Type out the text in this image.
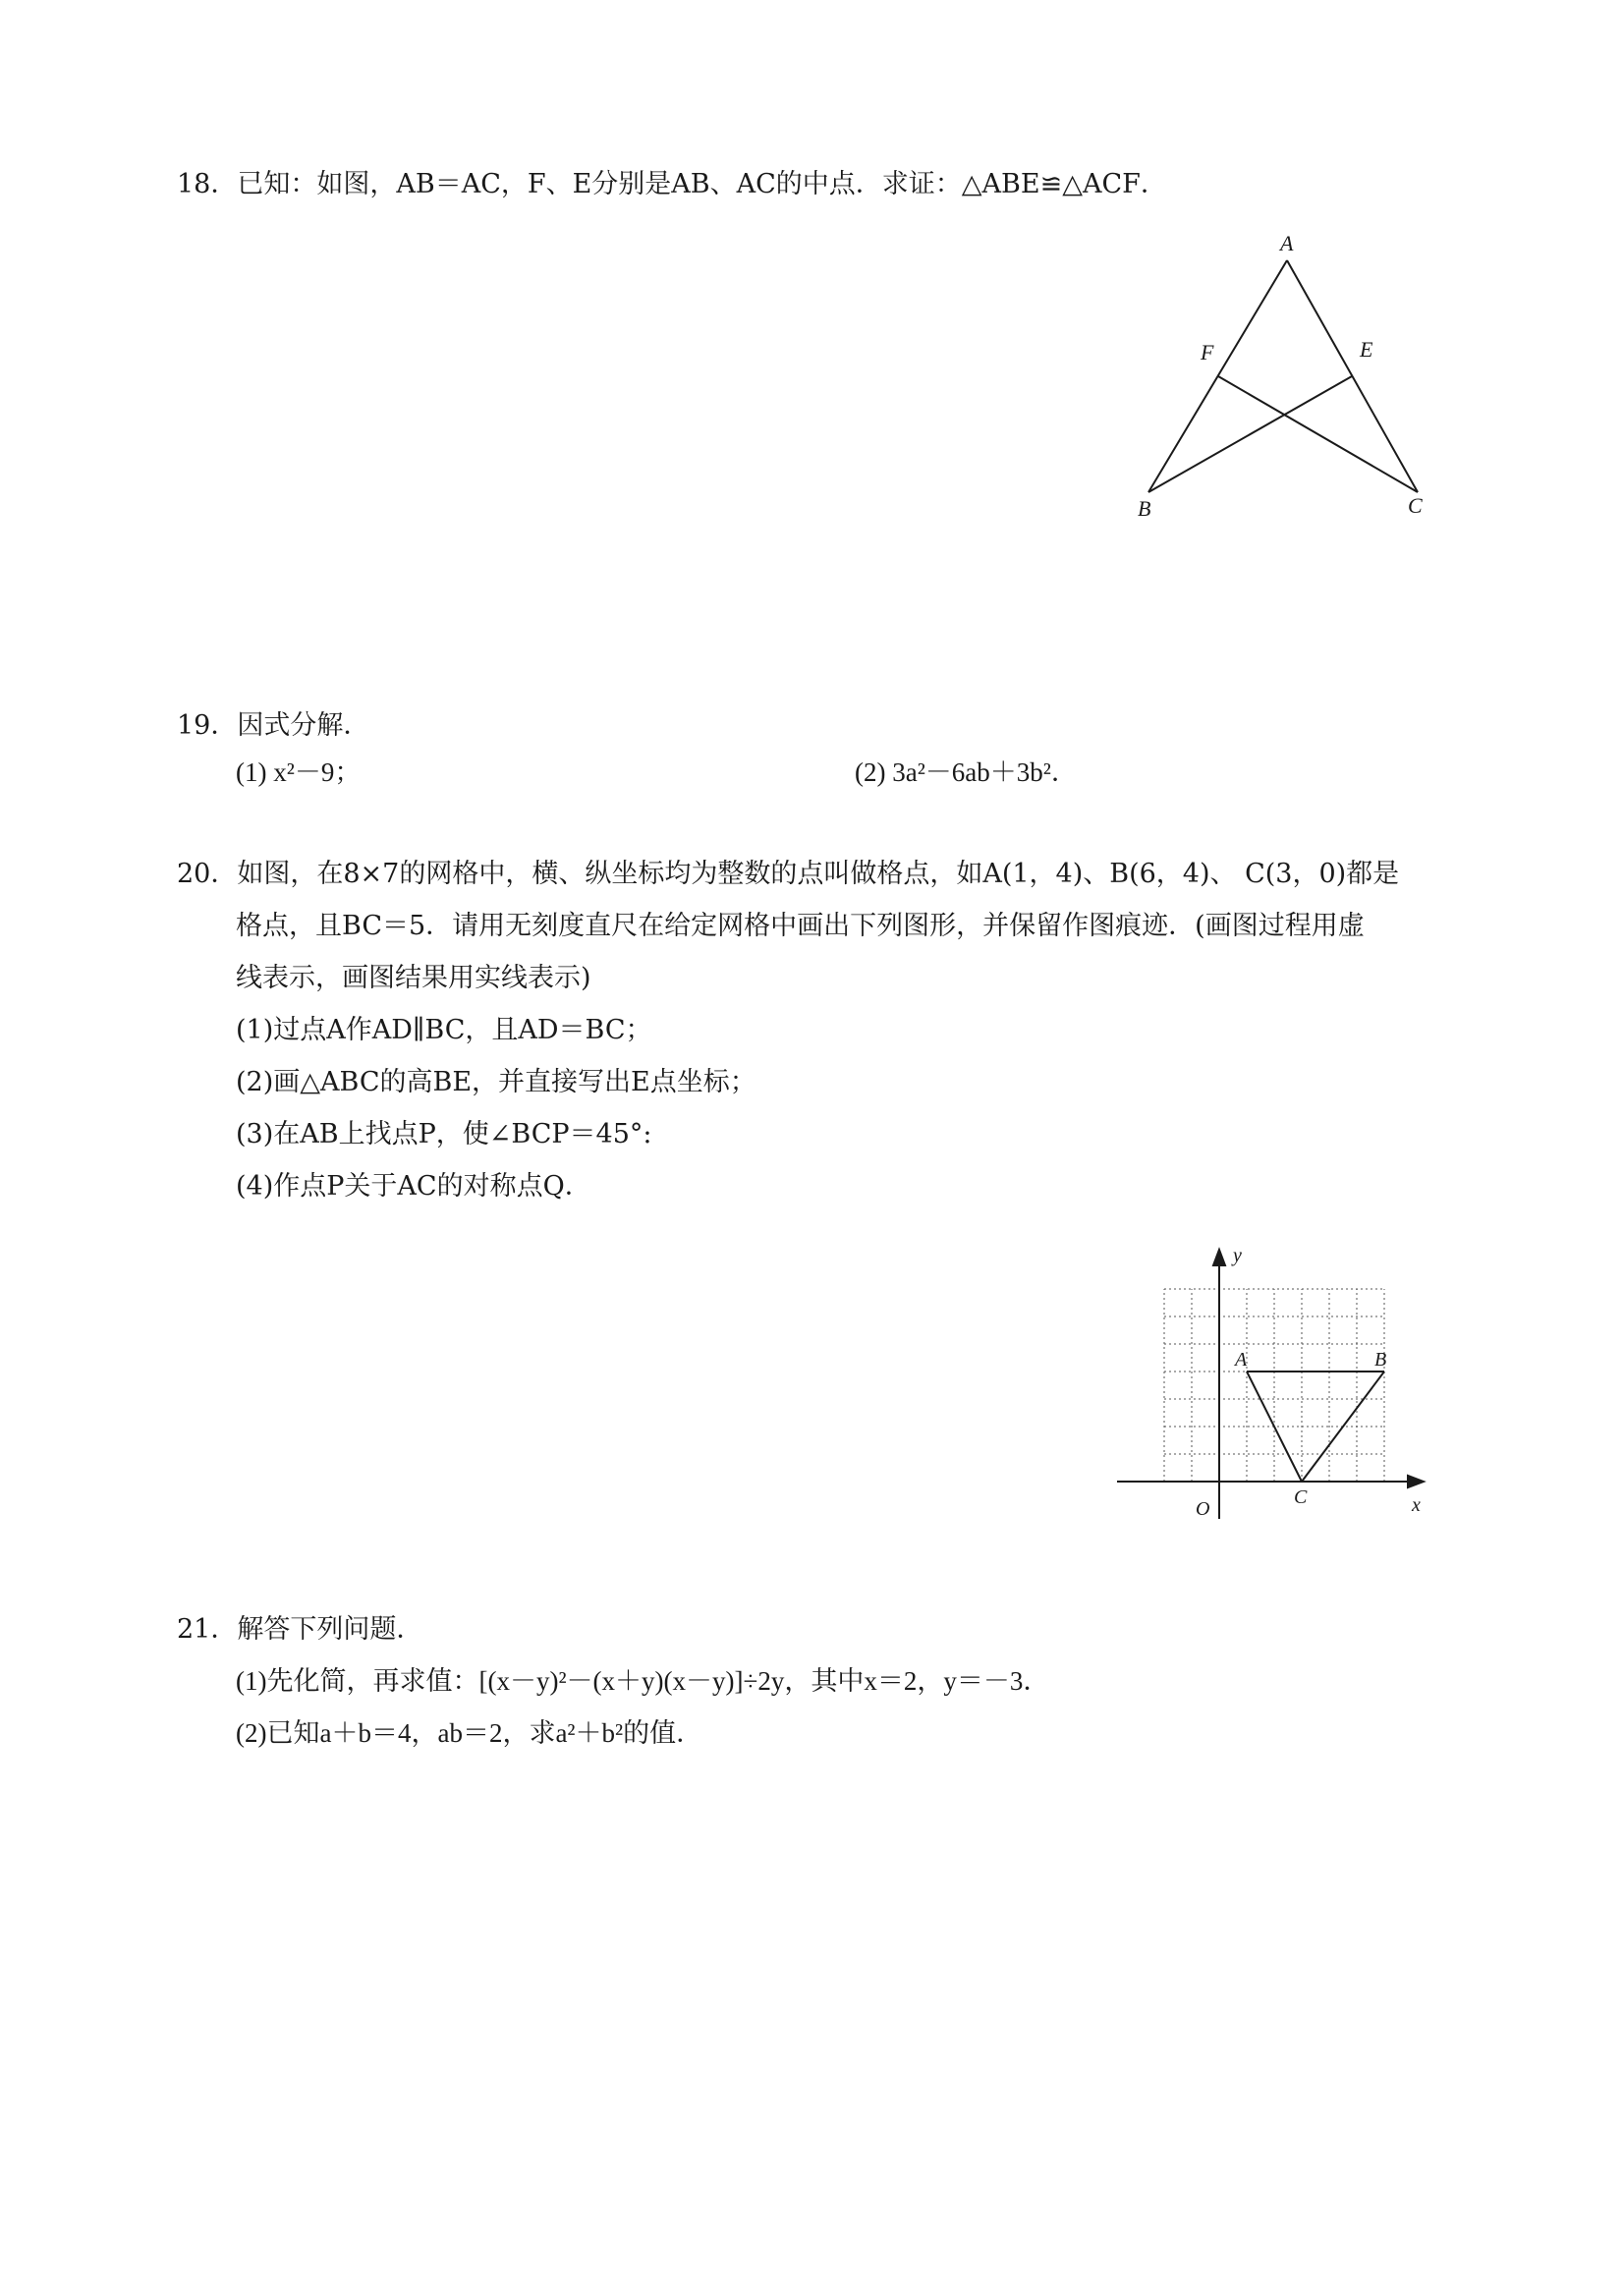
18．已知：如图，AB＝AC，F、E分别是AB、AC的中点．求证：△ABE≌△ACF．
A
F	E
B	C
19．因式分解．
(1) x²－9；	(2) 3a²－6ab＋3b²．
20．如图，在8×7的网格中，横、纵坐标均为整数的点叫做格点，如A(1，4)、B(6，4)、 C(3，0)都是
格点，且BC＝5．请用无刻度直尺在给定网格中画出下列图形，并保留作图痕迹．(画图过程用虚
线表示，画图结果用实线表示)
(1)过点A作AD∥BC，且AD＝BC；
(2)画△ABC的高BE，并直接写出E点坐标；
(3)在AB上找点P，使∠BCP＝45°:
(4)作点P关于AC的对称点Q．
A	B
C
y
x
O
21．解答下列问题．
(1)先化简，再求值：[(x－y)²－(x＋y)(x－y)]÷2y，其中x＝2，y＝－3．
(2)已知a＋b＝4，ab＝2，求a²＋b²的值．
